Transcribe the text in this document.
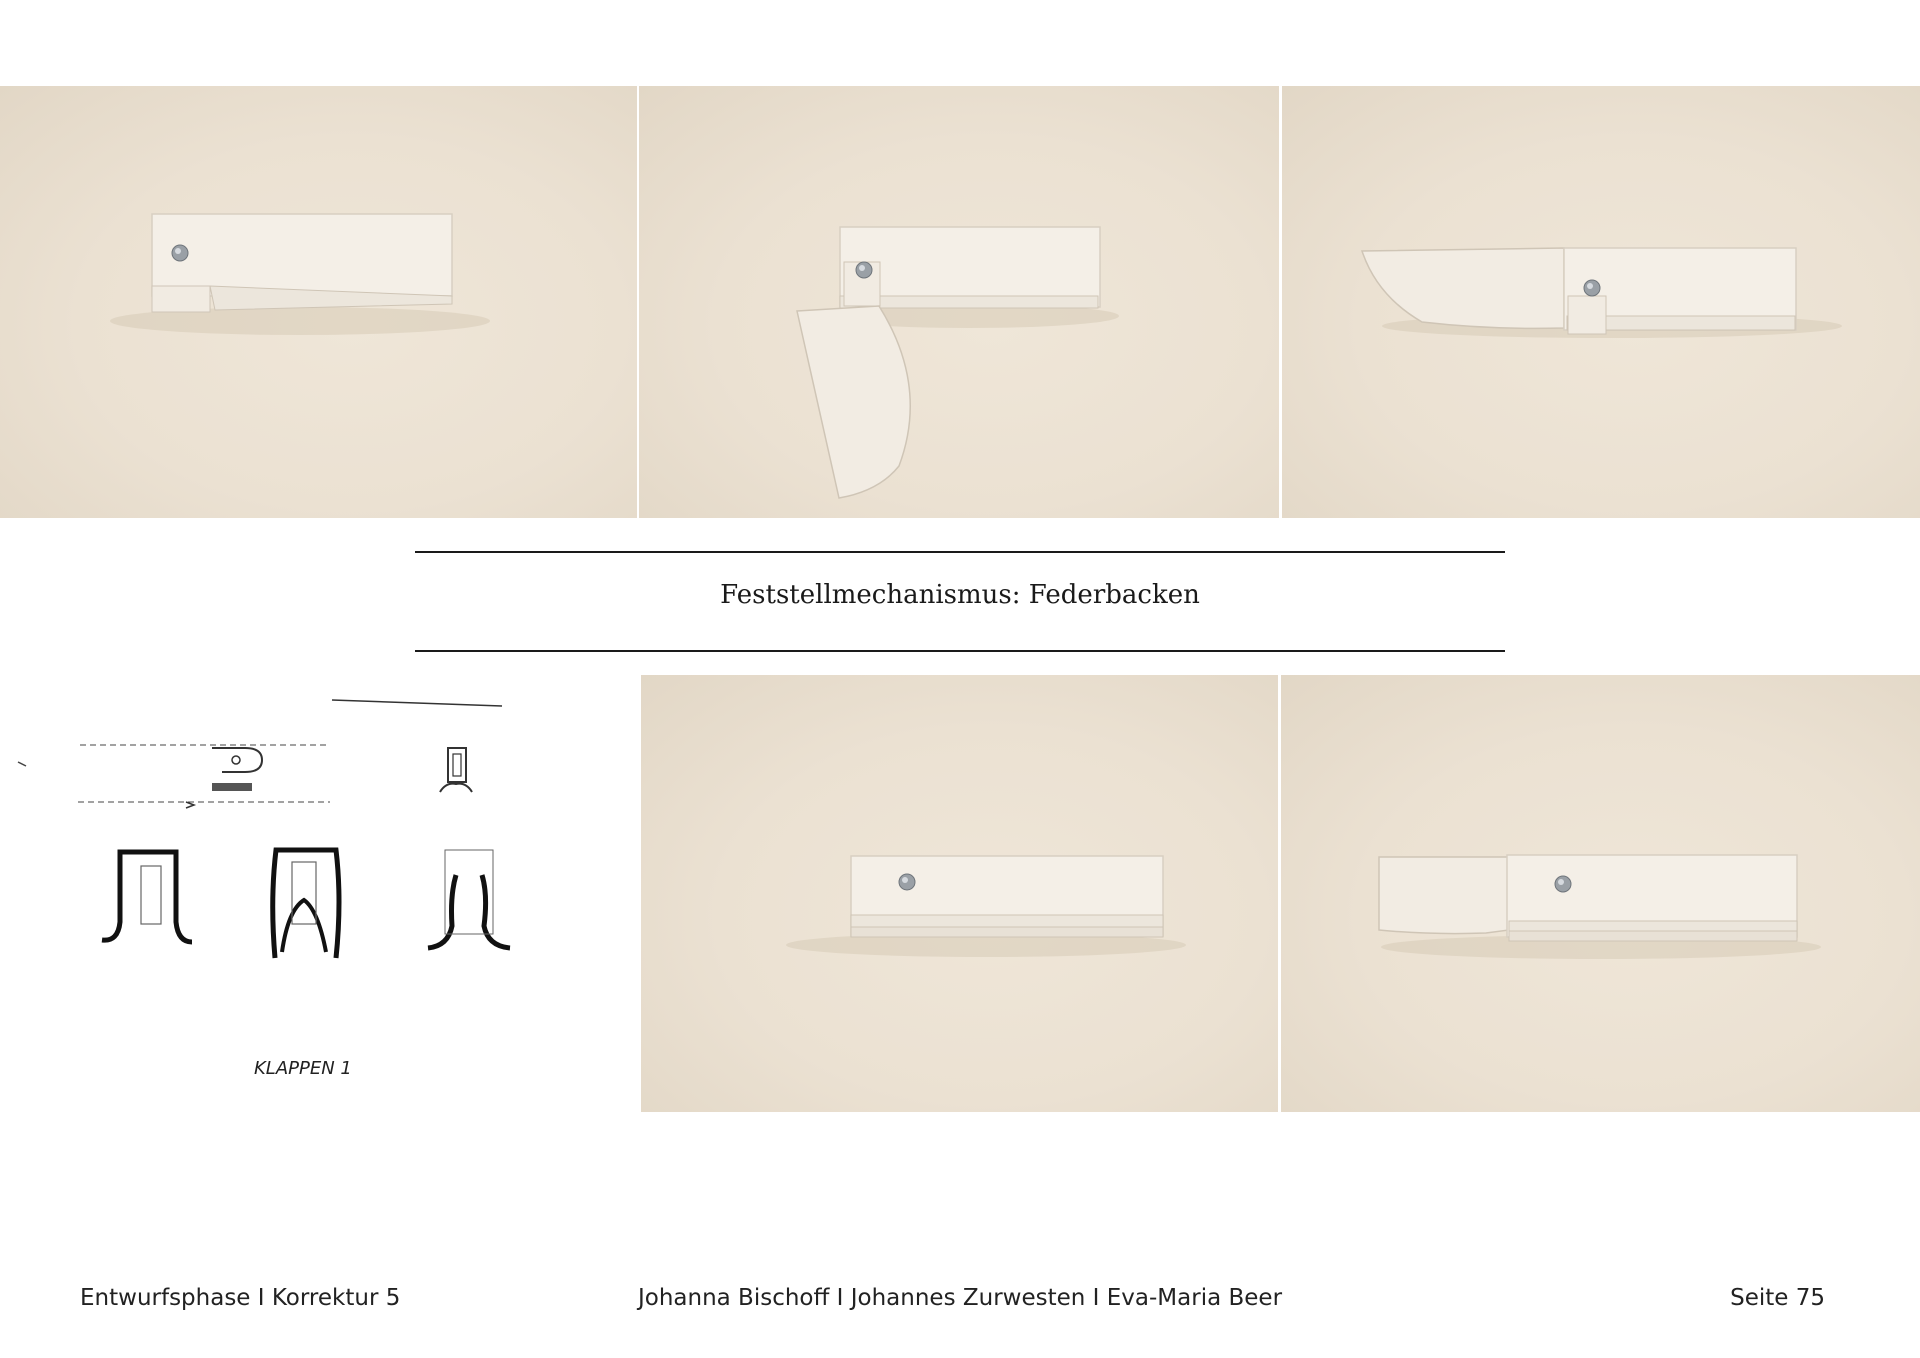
Feststellmechanismus: Federbacken
KLAPPEN 1
Entwurfsphase I Korrektur 5	Johanna Bischoff I Johannes Zurwesten I Eva-Maria Beer	Seite 75
